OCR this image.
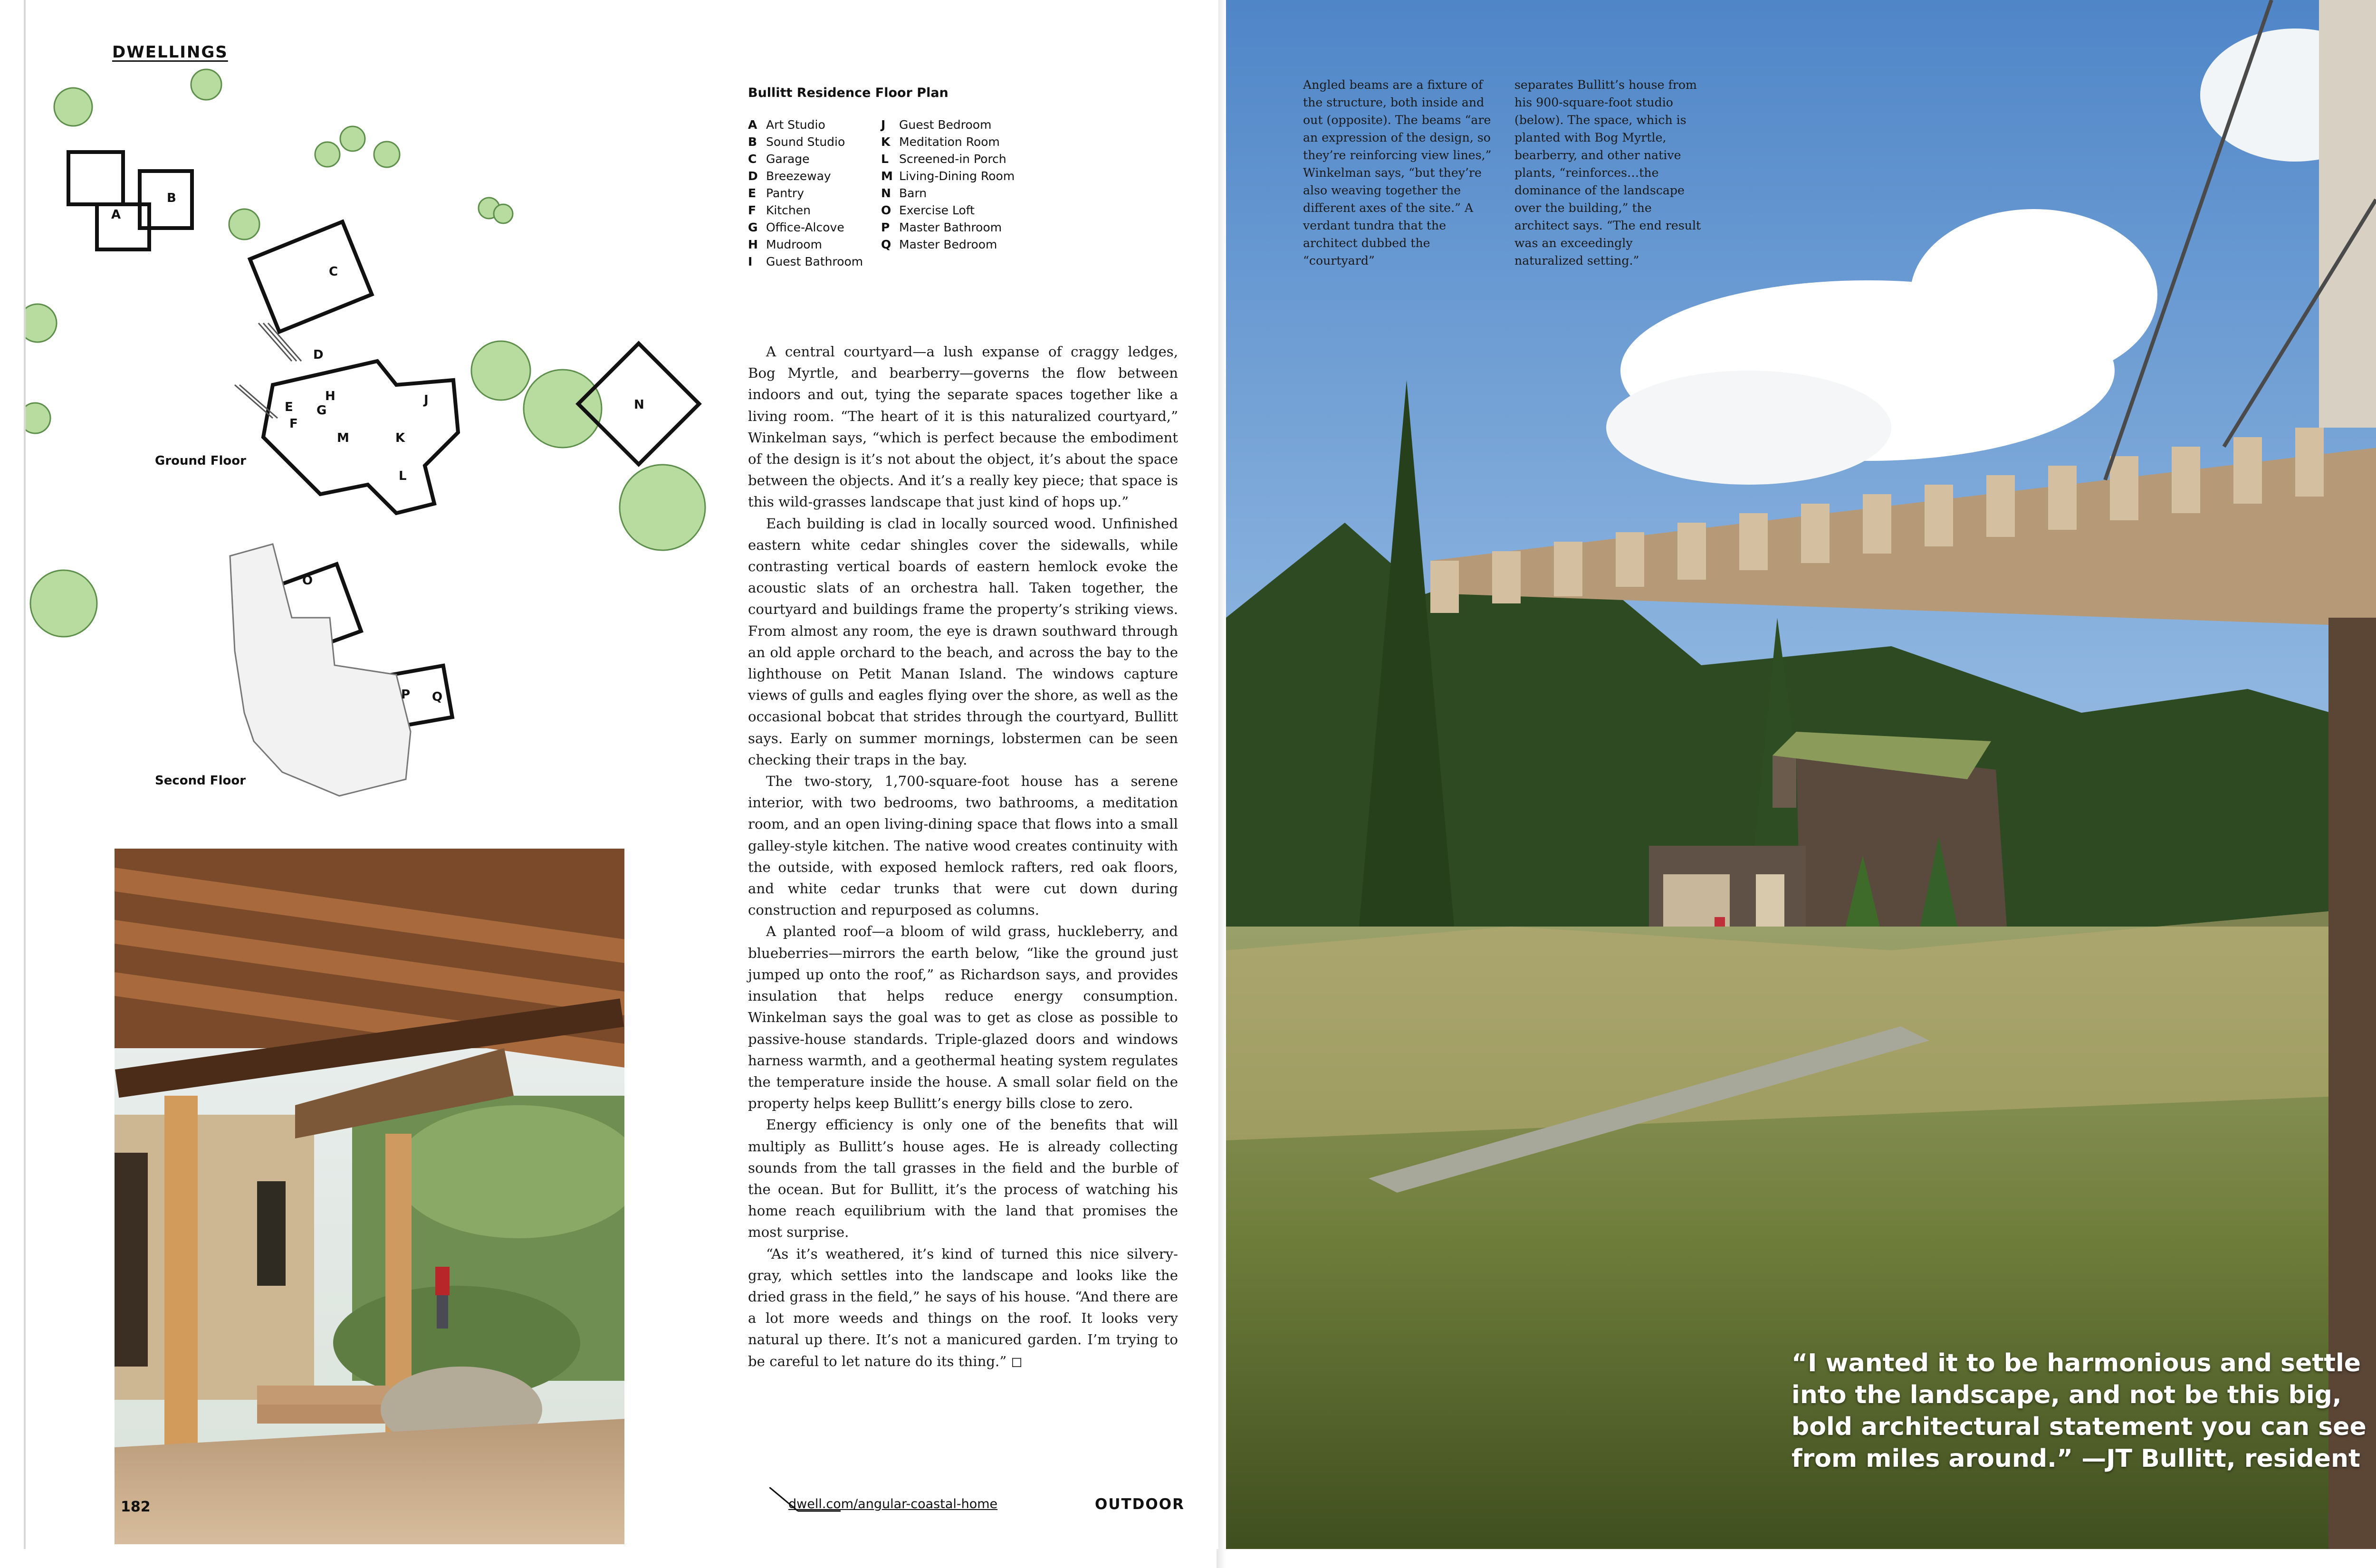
DWELLINGS
A
B
C
D
E
F
G
H	J
K
L
M
N
O
P Q
Ground Floor
Second Floor
Bullitt Residence Floor Plan
A Art Studio
B Sound Studio
C Garage
D Breezeway
E Pantry
F Kitchen
G Office-Alcove
H Mudroom
I Guest Bathroom
J Guest Bedroom
K Meditation Room
L Screened-in Porch
M Living-Dining Room
N Barn
O Exercise Loft
P Master Bathroom
Q Master Bedroom

A central courtyard—a lush expanse of craggy ledges, Bog Myrtle, and bearberry—governs the flow between indoors and out, tying the separate spaces together like a living room. “The heart of it is this naturalized courtyard,” Winkelman says, “which is perfect because the embodiment of the design is it’s not about the object, it’s about the space between the objects. And it’s a really key piece; that space is this wild-grasses landscape that just kind of hops up.”

Each building is clad in locally sourced wood. Unfinished eastern white cedar shingles cover the sidewalls, while contrasting vertical boards of eastern hemlock evoke the acoustic slats of an orchestra hall. Taken together, the courtyard and buildings frame the property’s striking views. From almost any room, the eye is drawn southward through an old apple orchard to the beach, and across the bay to the lighthouse on Petit Manan Island. The windows capture views of gulls and eagles flying over the shore, as well as the occasional bobcat that strides through the courtyard, Bullitt says. Early on summer mornings, lobstermen can be seen checking their traps in the bay.

The two-story, 1,700-square-foot house has a serene interior, with two bedrooms, two bathrooms, a meditation room, and an open living-dining space that flows into a small galley-style kitchen. The native wood creates continuity with the outside, with exposed hemlock rafters, red oak floors, and white cedar trunks that were cut down during construction and repurposed as columns.

A planted roof—a bloom of wild grass, huckleberry, and blueberries—mirrors the earth below, “like the ground just jumped up onto the roof,” as Richardson says, and provides insulation that helps reduce energy consumption. Winkelman says the goal was to get as close as possible to passive-house standards. Triple-glazed doors and windows harness warmth, and a geothermal heating system regulates the temperature inside the house. A small solar field on the property helps keep Bullitt’s energy bills close to zero.

Energy efficiency is only one of the benefits that will multiply as Bullitt’s house ages. He is already collecting sounds from the tall grasses in the field and the burble of the ocean. But for Bullitt, it’s the process of watching his home reach equilibrium with the land that promises the most surprise.

“As it’s weathered, it’s kind of turned this nice silvery-gray, which settles into the landscape and looks like the dried grass in the field,” he says of his house. “And there are a lot more weeds and things on the roof. It looks very natural up there. It’s not a manicured garden. I’m trying to be careful to let nature do its thing.” ◻

182	dwell.com/angular-coastal-home	OUTDOOR
Angled beams are a fixture of the structure, both inside and out (opposite). The beams “are an expression of the design, so they’re reinforcing view lines,” Winkelman says, “but they’re also weaving together the different axes of the site.” A verdant tundra that the architect dubbed the “courtyard”
separates Bullitt’s house from his 900-square-foot studio (below). The space, which is planted with Bog Myrtle, bearberry, and other native plants, “reinforces…the dominance of the landscape over the building,” the architect says. “The end result was an exceedingly naturalized setting.”
“I wanted it to be harmonious and settle into the landscape, and not be this big, bold architectural statement you can see from miles around.” —JT Bullitt, resident
